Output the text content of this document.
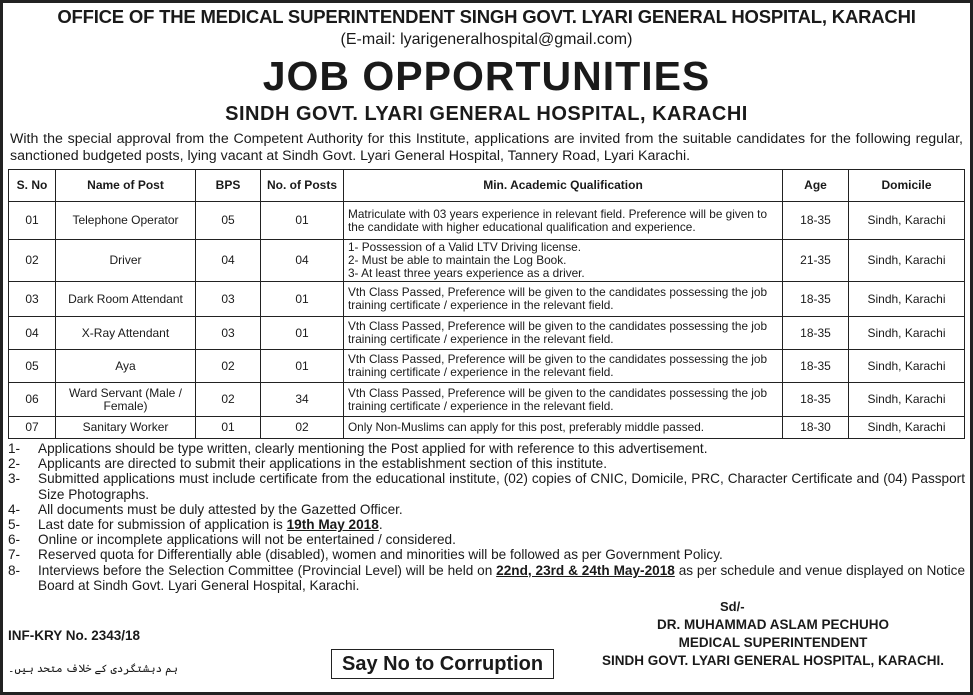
OFFICE OF THE MEDICAL SUPERINTENDENT SINGH GOVT. LYARI GENERAL HOSPITAL, KARACHI
(E-mail: lyarigeneralhospital@gmail.com)
JOB OPPORTUNITIES
SINDH GOVT. LYARI GENERAL HOSPITAL, KARACHI
With the special approval from the Competent Authority for this Institute, applications are invited from the suitable candidates for the following regular, sanctioned budgeted posts, lying vacant at Sindh Govt. Lyari General Hospital, Tannery Road, Lyari Karachi.
S. No	Name of Post	BPS	No. of Posts	Min. Academic Qualification	Age	Domicile
01	Telephone Operator	05	01	Matriculate with 03 years experience in relevant field. Preference will be given to the candidate with higher educational qualification and experience.	18-35	Sindh, Karachi
02	Driver	04	04	1- Possession of a Valid LTV Driving license.
2- Must be able to maintain the Log Book.
3- At least three years experience as a driver.	21-35	Sindh, Karachi
03	Dark Room Attendant	03	01	Vth Class Passed, Preference will be given to the candidates possessing the job training certificate / experience in the relevant field.	18-35	Sindh, Karachi
04	X-Ray Attendant	03	01	Vth Class Passed, Preference will be given to the candidates possessing the job training certificate / experience in the relevant field.	18-35	Sindh, Karachi
05	Aya	02	01	Vth Class Passed, Preference will be given to the candidates possessing the job training certificate / experience in the relevant field.	18-35	Sindh, Karachi
06	Ward Servant (Male / Female)	02	34	Vth Class Passed, Preference will be given to the candidates possessing the job training certificate / experience in the relevant field.	18-35	Sindh, Karachi
07	Sanitary Worker	01	02	Only Non-Muslims can apply for this post, preferably middle passed.	18-30	Sindh, Karachi
1-	Applications should be type written, clearly mentioning the Post applied for with reference to this advertisement.
2-	Applicants are directed to submit their applications in the establishment section of this institute.
3-	Submitted applications must include certificate from the educational institute, (02) copies of CNIC, Domicile, PRC, Character Certificate and (04) Passport Size Photographs.
4-	All documents must be duly attested by the Gazetted Officer.
5-	Last date for submission of application is 19th May 2018.
6-	Online or incomplete applications will not be entertained / considered.
7-	Reserved quota for Differentially able (disabled), women and minorities will be followed as per Government Policy.
8-	Interviews before the Selection Committee (Provincial Level) will be held on 22nd, 23rd & 24th May-2018 as per schedule and venue displayed on Notice Board at Sindh Govt. Lyari General Hospital, Karachi.
Sd/-
DR. MUHAMMAD ASLAM PECHUHO
MEDICAL SUPERINTENDENT
SINDH GOVT. LYARI GENERAL HOSPITAL, KARACHI.
INF-KRY No. 2343/18
ہم دہشتگردی کے خلاف متحد ہیں۔	Say No to Corruption
